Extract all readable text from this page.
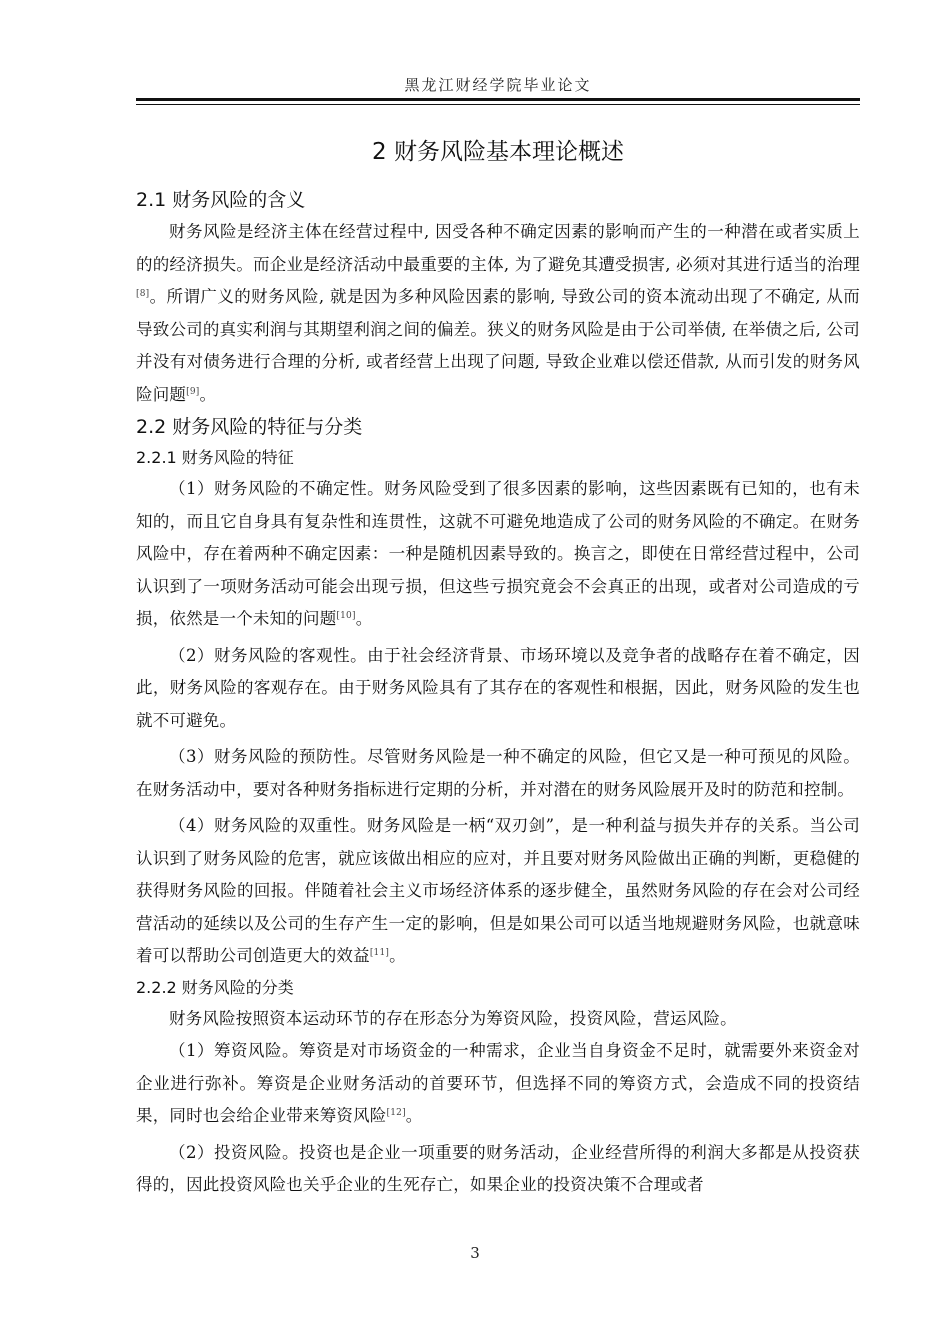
黑龙江财经学院毕业论文
2 财务风险基本理论概述
2.1 财务风险的含义

财务风险是经济主体在经营过程中, 因受各种不确定因素的影响而产生的一种潜在或者实质上的的经济损失。而企业是经济活动中最重要的主体, 为了避免其遭受损害, 必须对其进行适当的治理[8]。所谓广义的财务风险, 就是因为多种风险因素的影响, 导致公司的资本流动出现了不确定, 从而导致公司的真实利润与其期望利润之间的偏差。狭义的财务风险是由于公司举债, 在举债之后, 公司并没有对债务进行合理的分析, 或者经营上出现了问题, 导致企业难以偿还借款, 从而引发的财务风险问题[9]。

2.2 财务风险的特征与分类
2.2.1 财务风险的特征

（1）财务风险的不确定性。财务风险受到了很多因素的影响，这些因素既有已知的，也有未知的，而且它自身具有复杂性和连贯性，这就不可避免地造成了公司的财务风险的不确定。在财务风险中，存在着两种不确定因素：一种是随机因素导致的。换言之，即使在日常经营过程中，公司认识到了一项财务活动可能会出现亏损，但这些亏损究竟会不会真正的出现，或者对公司造成的亏损，依然是一个未知的问题[10]。

（2）财务风险的客观性。由于社会经济背景、市场环境以及竞争者的战略存在着不确定，因此，财务风险的客观存在。由于财务风险具有了其存在的客观性和根据，因此，财务风险的发生也就不可避免。

（3）财务风险的预防性。尽管财务风险是一种不确定的风险，但它又是一种可预见的风险。在财务活动中，要对各种财务指标进行定期的分析，并对潜在的财务风险展开及时的防范和控制。

（4）财务风险的双重性。财务风险是一柄“双刃剑”，是一种利益与损失并存的关系。当公司认识到了财务风险的危害，就应该做出相应的应对，并且要对财务风险做出正确的判断，更稳健的获得财务风险的回报。伴随着社会主义市场经济体系的逐步健全，虽然财务风险的存在会对公司经营活动的延续以及公司的生存产生一定的影响，但是如果公司可以适当地规避财务风险，也就意味着可以帮助公司创造更大的效益[11]。

2.2.2 财务风险的分类

财务风险按照资本运动环节的存在形态分为筹资风险，投资风险，营运风险。

（1）筹资风险。筹资是对市场资金的一种需求，企业当自身资金不足时，就需要外来资金对企业进行弥补。筹资是企业财务活动的首要环节，但选择不同的筹资方式，会造成不同的投资结果，同时也会给企业带来筹资风险[12]。

（2）投资风险。投资也是企业一项重要的财务活动，企业经营所得的利润大多都是从投资获得的，因此投资风险也关乎企业的生死存亡，如果企业的投资决策不合理或者

3
